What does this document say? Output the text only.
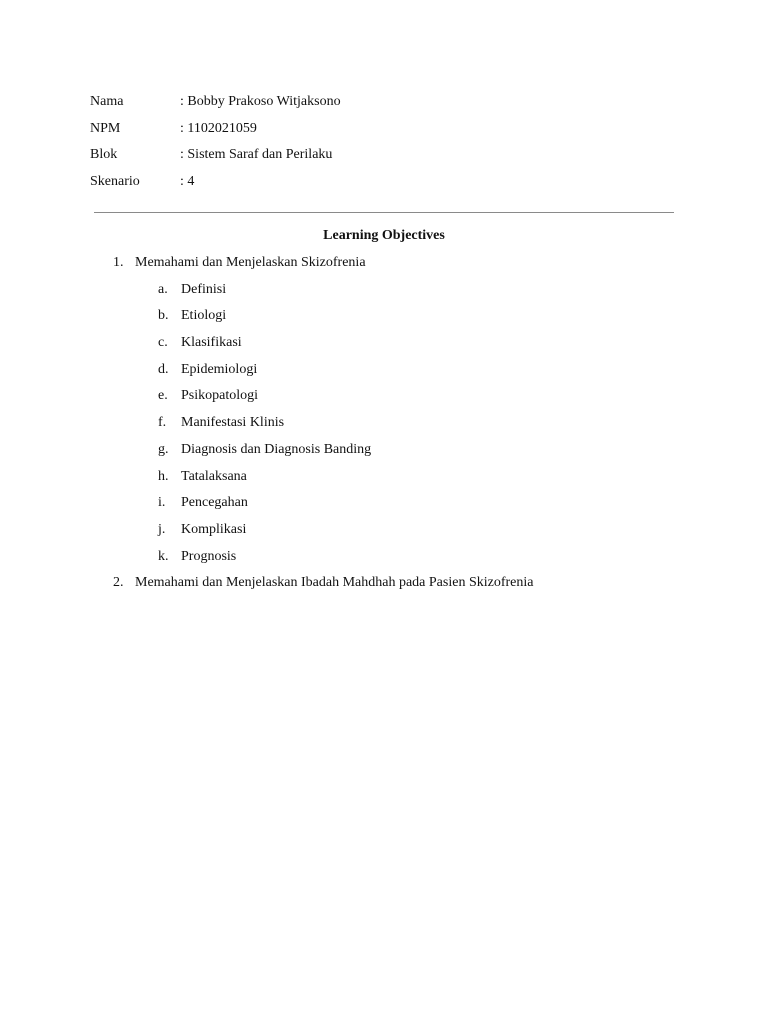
Nama	: Bobby Prakoso Witjaksono
NPM	: 1102021059
Blok	: Sistem Saraf dan Perilaku
Skenario	: 4
Learning Objectives
1. Memahami dan Menjelaskan Skizofrenia
a. Definisi
b. Etiologi
c. Klasifikasi
d. Epidemiologi
e. Psikopatologi
f. Manifestasi Klinis
g. Diagnosis dan Diagnosis Banding
h. Tatalaksana
i. Pencegahan
j. Komplikasi
k. Prognosis
2. Memahami dan Menjelaskan Ibadah Mahdhah pada Pasien Skizofrenia
